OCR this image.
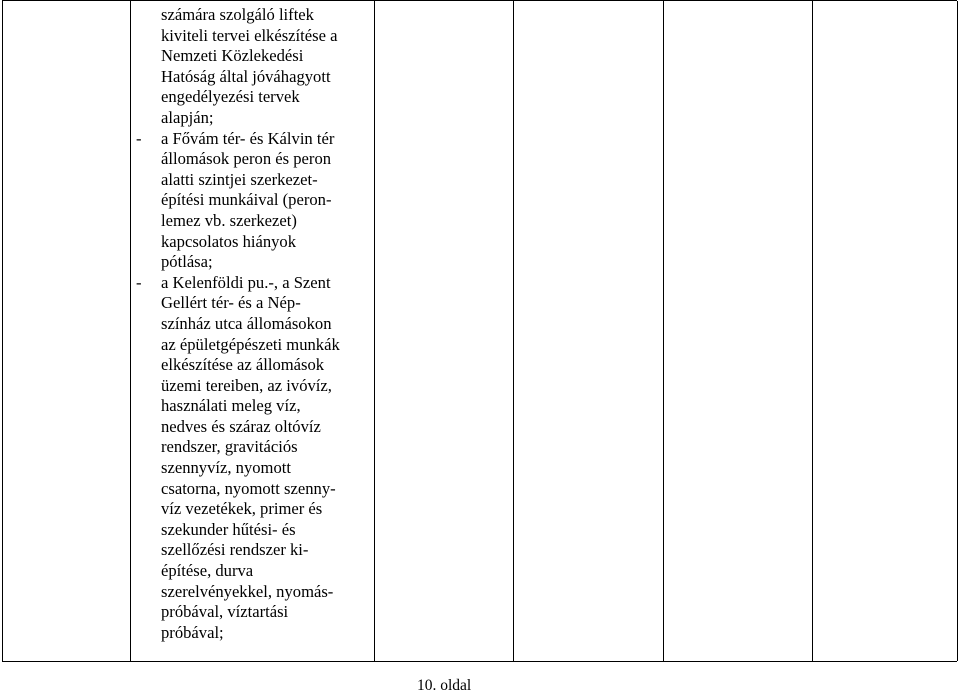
számára szolgáló liftek
kiviteli tervei elkészítése a
Nemzeti Közlekedési
Hatóság által jóváhagyott
engedélyezési tervek
alapján;
- a Fővám tér- és Kálvin tér
állomások peron és peron
alatti szintjei szerkezet-
építési munkáival (peron-
lemez vb. szerkezet)
kapcsolatos hiányok
pótlása;
- a Kelenföldi pu.-, a Szent
Gellért tér- és a Nép-
színház utca állomásokon
az épületgépészeti munkák
elkészítése az állomások
üzemi tereiben, az ivóvíz,
használati meleg víz,
nedves és száraz oltóvíz
rendszer, gravitációs
szennyvíz, nyomott
csatorna, nyomott szenny-
víz vezetékek, primer és
szekunder hűtési- és
szellőzési rendszer ki-
építése, durva
szerelvényekkel, nyomás-
próbával, víztartási
próbával;
10. oldal
